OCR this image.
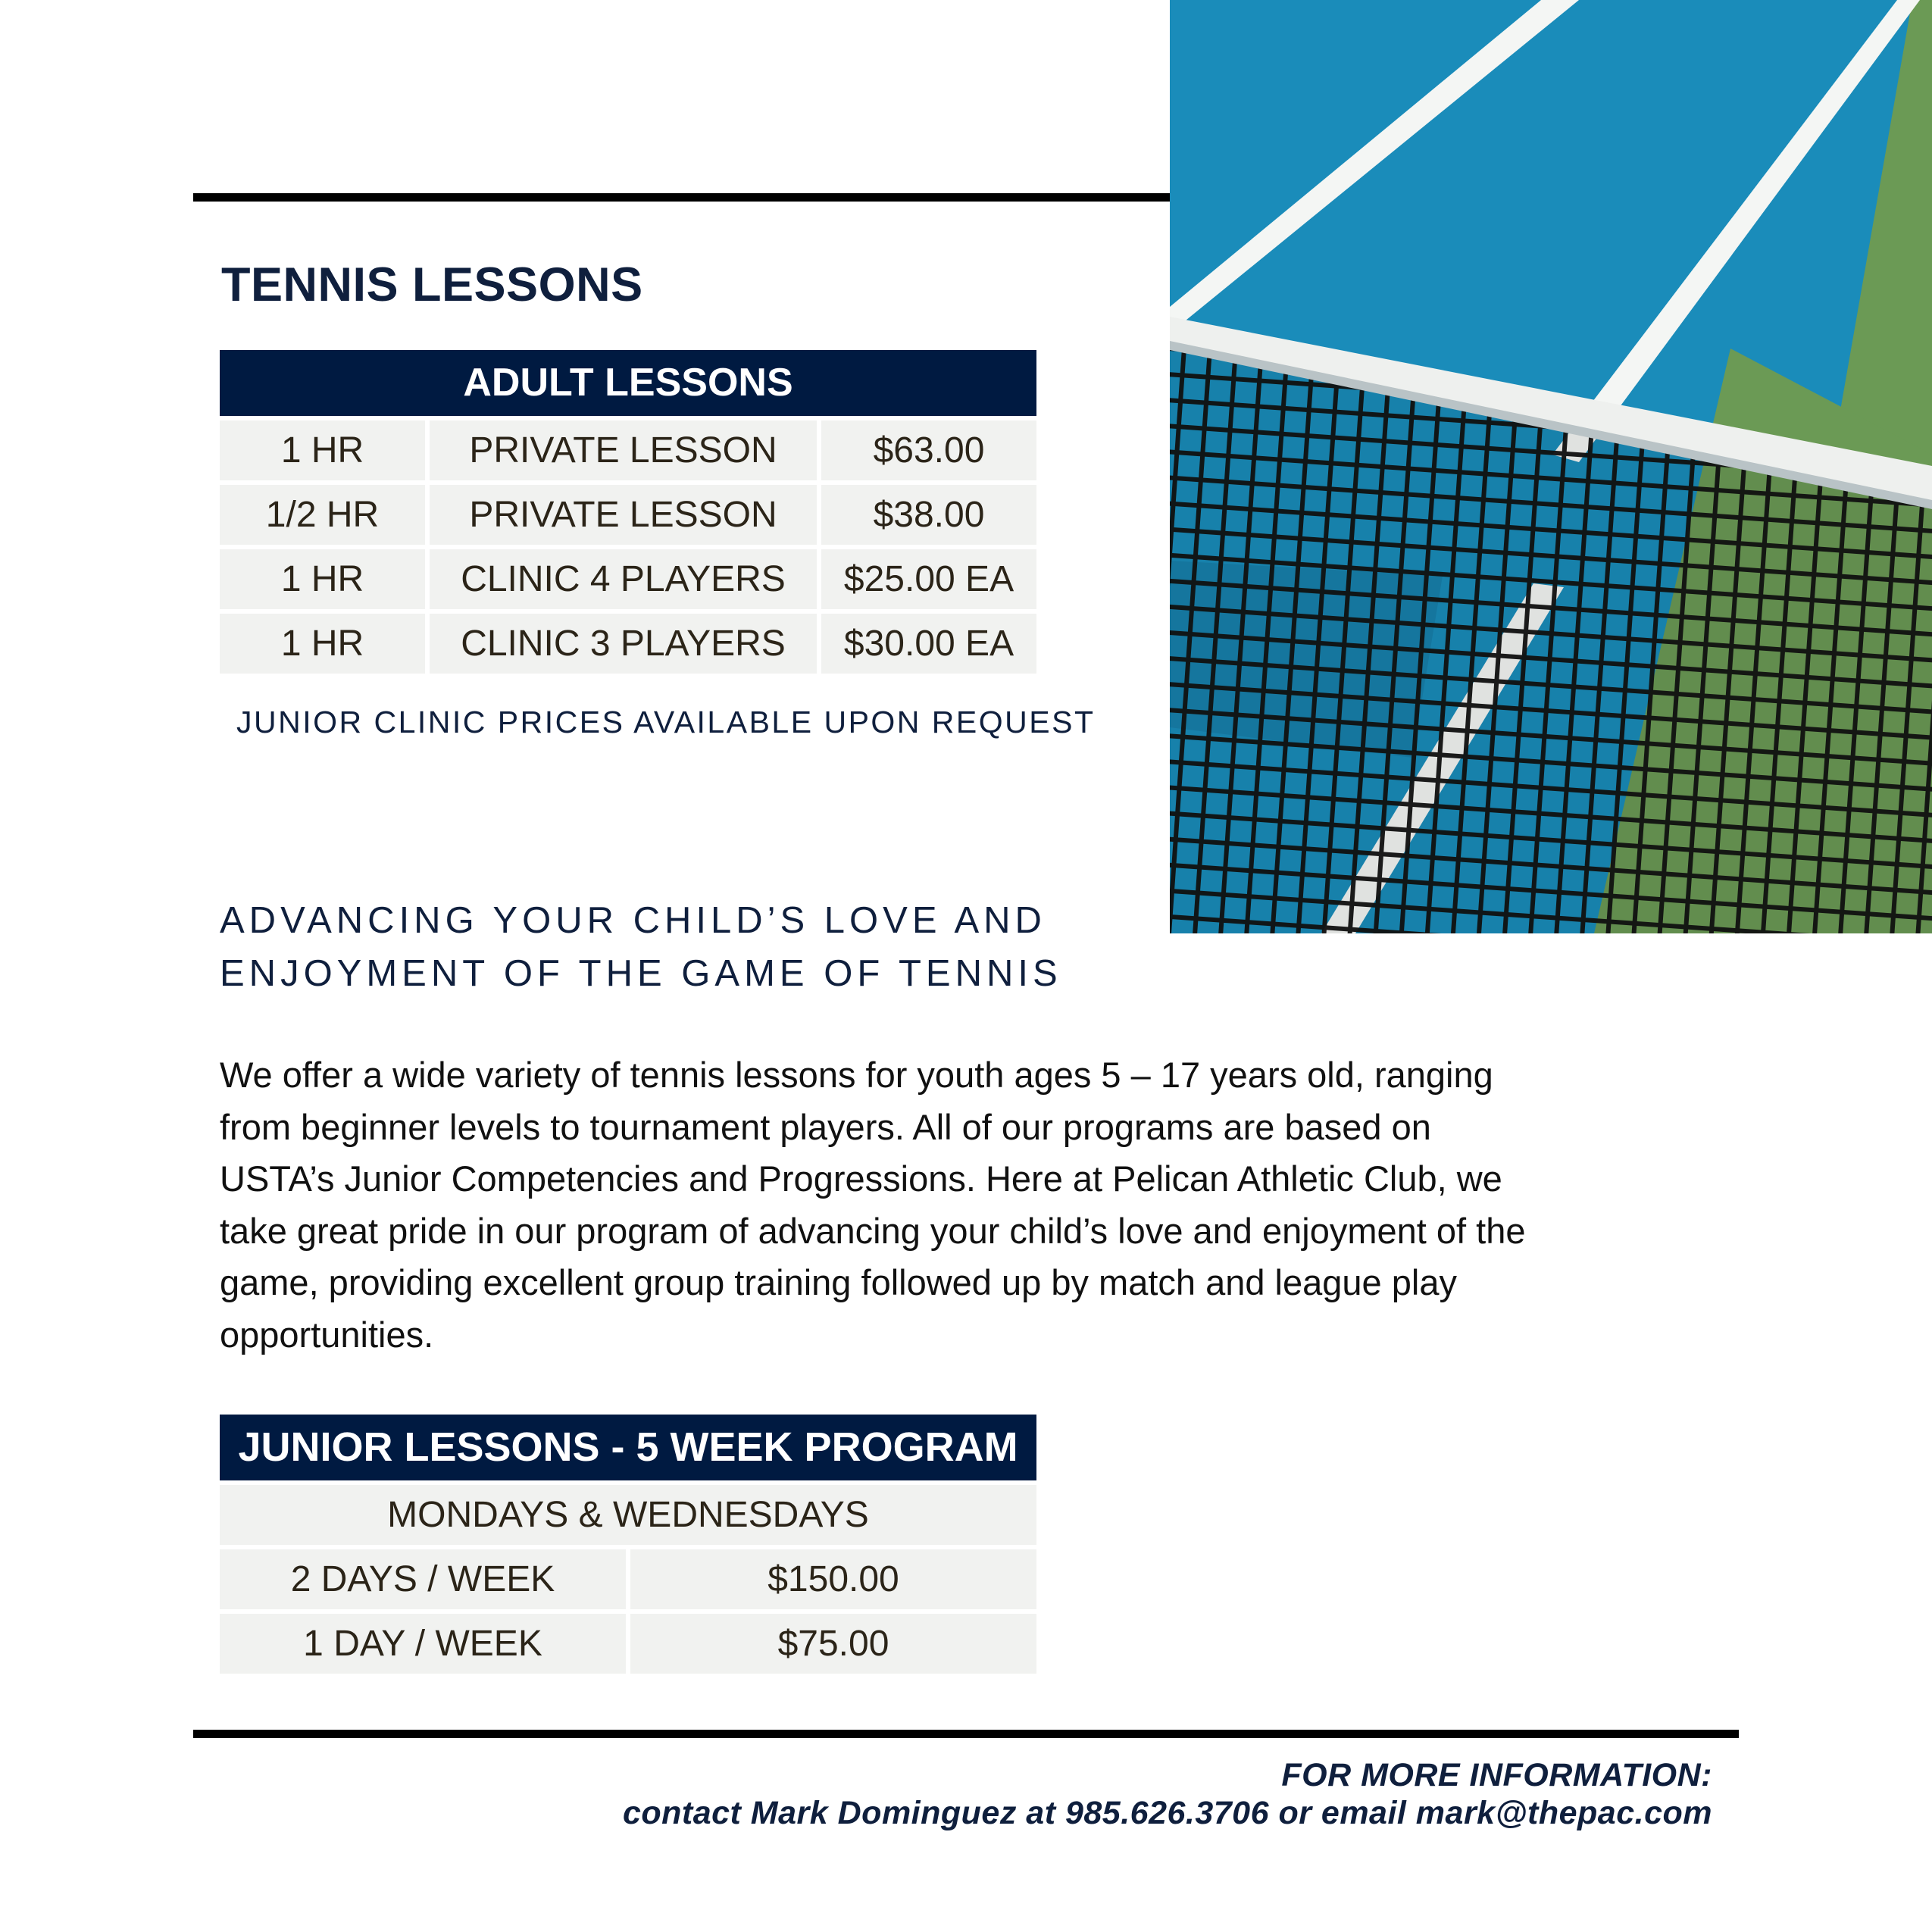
TENNIS LESSONS
ADULT LESSONS
1 HR	PRIVATE LESSON	$63.00
1/2 HR	PRIVATE LESSON	$38.00
1 HR	CLINIC 4 PLAYERS	$25.00 EA
1 HR	CLINIC 3 PLAYERS	$30.00 EA
JUNIOR CLINIC PRICES AVAILABLE UPON REQUEST
ADVANCING YOUR CHILD’S LOVE AND
ENJOYMENT OF THE GAME OF TENNIS
We offer a wide variety of tennis lessons for youth ages 5 – 17 years old, ranging
from beginner levels to tournament players. All of our programs are based on
USTA’s Junior Competencies and Progressions. Here at Pelican Athletic Club, we
take great pride in our program of advancing your child’s love and enjoyment of the
game, providing excellent group training followed up by match and league play
opportunities.
JUNIOR LESSONS - 5 WEEK PROGRAM
MONDAYS & WEDNESDAYS
2 DAYS / WEEK	$150.00
1 DAY / WEEK	$75.00
FOR MORE INFORMATION:
contact Mark Dominguez at 985.626.3706 or email mark@thepac.com
